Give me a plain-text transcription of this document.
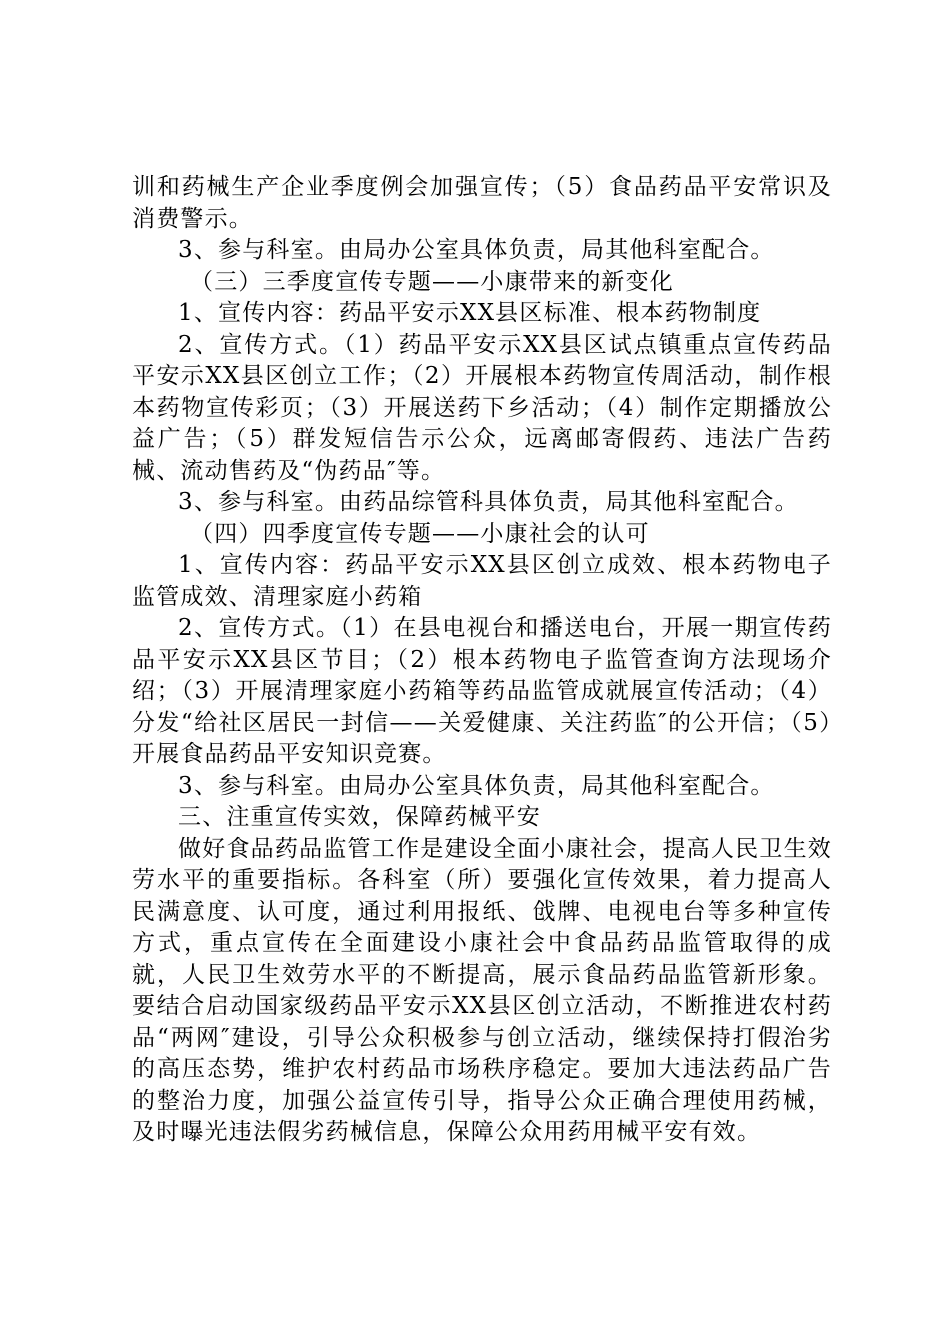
训和药械生产企业季度例会加强宣传；（5）食品药品平安常识及消费警示。

3、参与科室。由局办公室具体负责，局其他科室配合。

（三）三季度宣传专题——小康带来的新变化

1、宣传内容：药品平安示XX县区标准、根本药物制度

2、宣传方式。（1）药品平安示XX县区试点镇重点宣传药品平安示XX县区创立工作；（2）开展根本药物宣传周活动，制作根本药物宣传彩页；（3）开展送药下乡活动；（4）制作定期播放公益广告；（5）群发短信告示公众，远离邮寄假药、违法广告药械、流动售药及“伪药品″等。

3、参与科室。由药品综管科具体负责，局其他科室配合。

（四）四季度宣传专题——小康社会的认可

1、宣传内容：药品平安示XX县区创立成效、根本药物电子监管成效、清理家庭小药箱

2、宣传方式。（1）在县电视台和播送电台，开展一期宣传药品平安示XX县区节目；（2）根本药物电子监管查询方法现场介绍；（3）开展清理家庭小药箱等药品监管成就展宣传活动；（4）分发“给社区居民一封信——关爱健康、关注药监″的公开信；（5）开展食品药品平安知识竞赛。

3、参与科室。由局办公室具体负责，局其他科室配合。

三、注重宣传实效，保障药械平安

做好食品药品监管工作是建设全面小康社会，提高人民卫生效劳水平的重要指标。各科室（所）要强化宣传效果，着力提高人民满意度、认可度，通过利用报纸、戗牌、电视电台等多种宣传方式，重点宣传在全面建设小康社会中食品药品监管取得的成就，人民卫生效劳水平的不断提高，展示食品药品监管新形象。要结合启动国家级药品平安示XX县区创立活动，不断推进农村药品“两网″建设，引导公众积极参与创立活动，继续保持打假治劣的高压态势，维护农村药品市场秩序稳定。要加大违法药品广告的整治力度，加强公益宣传引导，指导公众正确合理使用药械，及时曝光违法假劣药械信息，保障公众用药用械平安有效。
